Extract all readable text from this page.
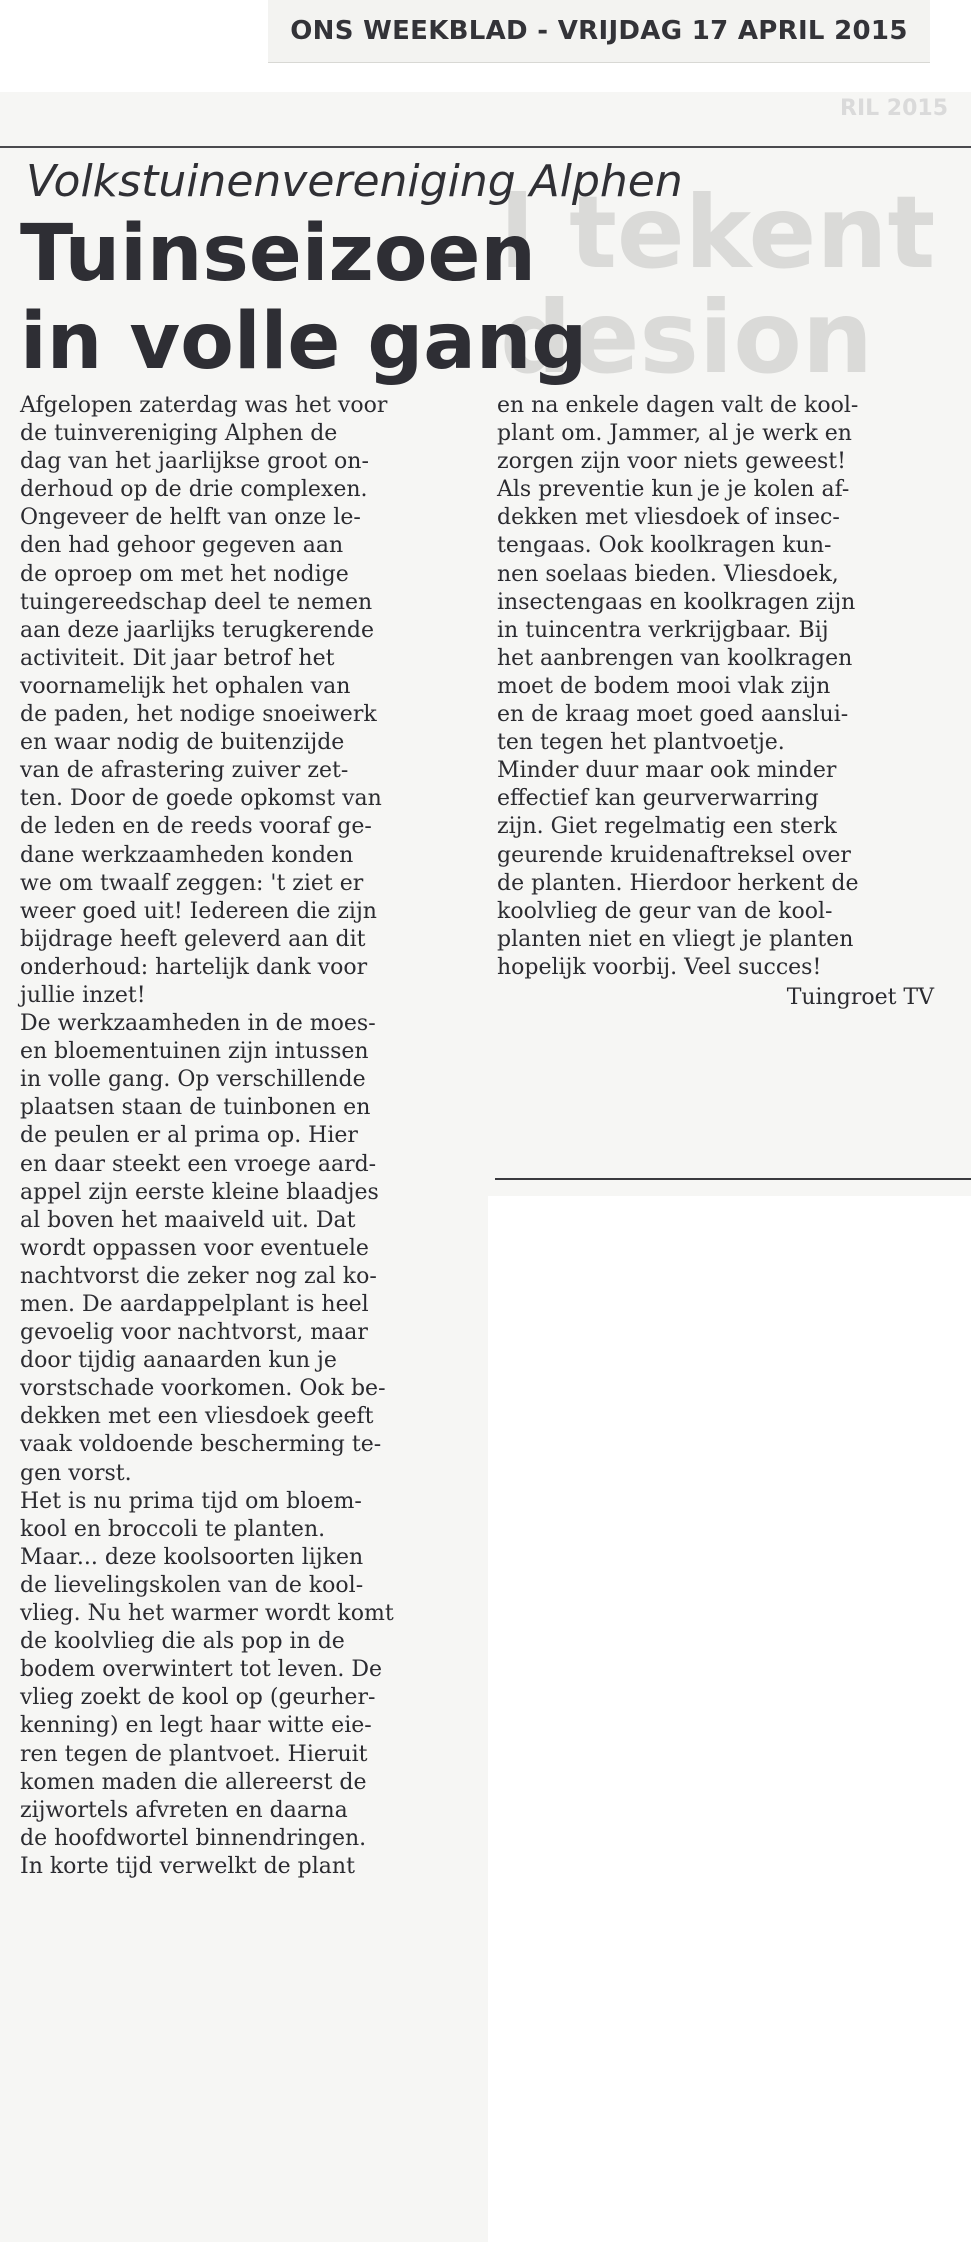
ONS WEEKBLAD - VRIJDAG 17 APRIL 2015
RIL 2015
l tekent
desion
Volkstuinenvereniging Alphen
Tuinseizoen
in volle gang
Afgelopen zaterdag was het voor
de tuinvereniging Alphen de
dag van het jaarlijkse groot on-
derhoud op de drie complexen.
Ongeveer de helft van onze le-
den had gehoor gegeven aan
de oproep om met het nodige
tuingereedschap deel te nemen
aan deze jaarlijks terugkerende
activiteit. Dit jaar betrof het
voornamelijk het ophalen van
de paden, het nodige snoeiwerk
en waar nodig de buitenzijde
van de afrastering zuiver zet-
ten. Door de goede opkomst van
de leden en de reeds vooraf ge-
dane werkzaamheden konden
we om twaalf zeggen: 't ziet er
weer goed uit! Iedereen die zijn
bijdrage heeft geleverd aan dit
onderhoud: hartelijk dank voor
jullie inzet!
De werkzaamheden in de moes-
en bloementuinen zijn intussen
in volle gang. Op verschillende
plaatsen staan de tuinbonen en
de peulen er al prima op. Hier
en daar steekt een vroege aard-
appel zijn eerste kleine blaadjes
al boven het maaiveld uit. Dat
wordt oppassen voor eventuele
nachtvorst die zeker nog zal ko-
men. De aardappelplant is heel
gevoelig voor nachtvorst, maar
door tijdig aanaarden kun je
vorstschade voorkomen. Ook be-
dekken met een vliesdoek geeft
vaak voldoende bescherming te-
gen vorst.
Het is nu prima tijd om bloem-
kool en broccoli te planten.
Maar... deze koolsoorten lijken
de lievelingskolen van de kool-
vlieg. Nu het warmer wordt komt
de koolvlieg die als pop in de
bodem overwintert tot leven. De
vlieg zoekt de kool op (geurher-
kenning) en legt haar witte eie-
ren tegen de plantvoet. Hieruit
komen maden die allereerst de
zijwortels afvreten en daarna
de hoofdwortel binnendringen.
In korte tijd verwelkt de plant
en na enkele dagen valt de kool-
plant om. Jammer, al je werk en
zorgen zijn voor niets geweest!
Als preventie kun je je kolen af-
dekken met vliesdoek of insec-
tengaas. Ook koolkragen kun-
nen soelaas bieden. Vliesdoek,
insectengaas en koolkragen zijn
in tuincentra verkrijgbaar. Bij
het aanbrengen van koolkragen
moet de bodem mooi vlak zijn
en de kraag moet goed aanslui-
ten tegen het plantvoetje.
Minder duur maar ook minder
effectief kan geurverwarring
zijn. Giet regelmatig een sterk
geurende kruidenaftreksel over
de planten. Hierdoor herkent de
koolvlieg de geur van de kool-
planten niet en vliegt je planten
hopelijk voorbij. Veel succes!
Tuingroet TV
